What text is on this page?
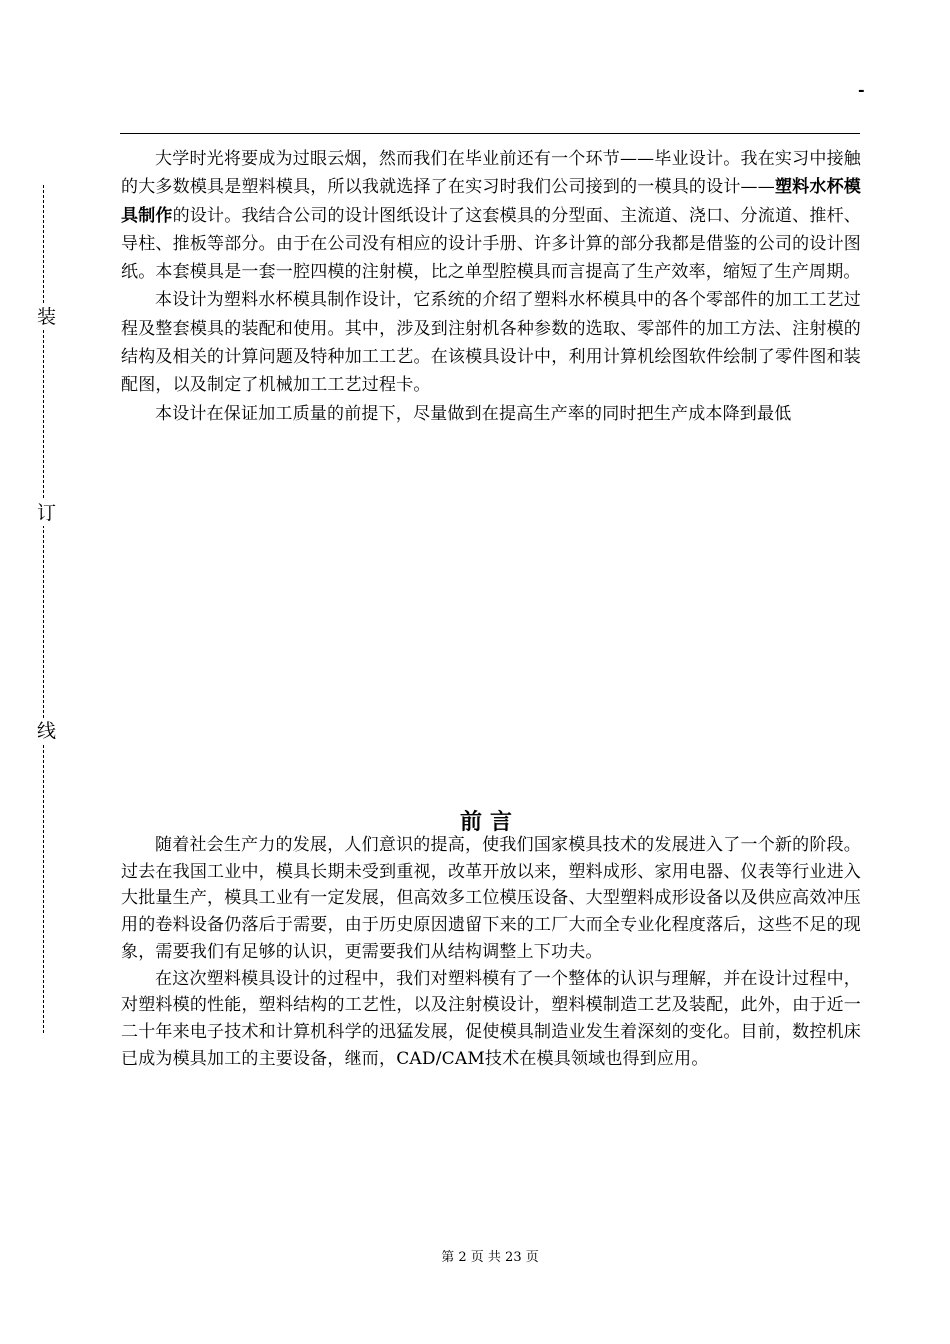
-
装
订
线

大学时光将要成为过眼云烟，然而我们在毕业前还有一个环节——毕业设计。我在实习中接触的大多数模具是塑料模具，所以我就选择了在实习时我们公司接到的一模具的设计——塑料水杯模具制作的设计。我结合公司的设计图纸设计了这套模具的分型面、主流道、浇口、分流道、推杆、导柱、推板等部分。由于在公司没有相应的设计手册、许多计算的部分我都是借鉴的公司的设计图纸。本套模具是一套一腔四模的注射模，比之单型腔模具而言提高了生产效率，缩短了生产周期。

本设计为塑料水杯模具制作设计，它系统的介绍了塑料水杯模具中的各个零部件的加工工艺过程及整套模具的装配和使用。其中，涉及到注射机各种参数的选取、零部件的加工方法、注射模的结构及相关的计算问题及特种加工工艺。在该模具设计中，利用计算机绘图软件绘制了零件图和装配图，以及制定了机械加工工艺过程卡。

本设计在保证加工质量的前提下，尽量做到在提高生产率的同时把生产成本降到最低

前言

随着社会生产力的发展，人们意识的提高，使我们国家模具技术的发展进入了一个新的阶段。过去在我国工业中，模具长期未受到重视，改革开放以来，塑料成形、家用电器、仪表等行业进入大批量生产，模具工业有一定发展，但高效多工位模压设备、大型塑料成形设备以及供应高效冲压用的卷料设备仍落后于需要，由于历史原因遗留下来的工厂大而全专业化程度落后，这些不足的现象，需要我们有足够的认识，更需要我们从结构调整上下功夫。

在这次塑料模具设计的过程中，我们对塑料模有了一个整体的认识与理解，并在设计过程中，对塑料模的性能，塑料结构的工艺性，以及注射模设计，塑料模制造工艺及装配，此外，由于近一二十年来电子技术和计算机科学的迅猛发展，促使模具制造业发生着深刻的变化。目前，数控机床已成为模具加工的主要设备，继而，CAD/CAM技术在模具领域也得到应用。

第 2 页 共 23 页
